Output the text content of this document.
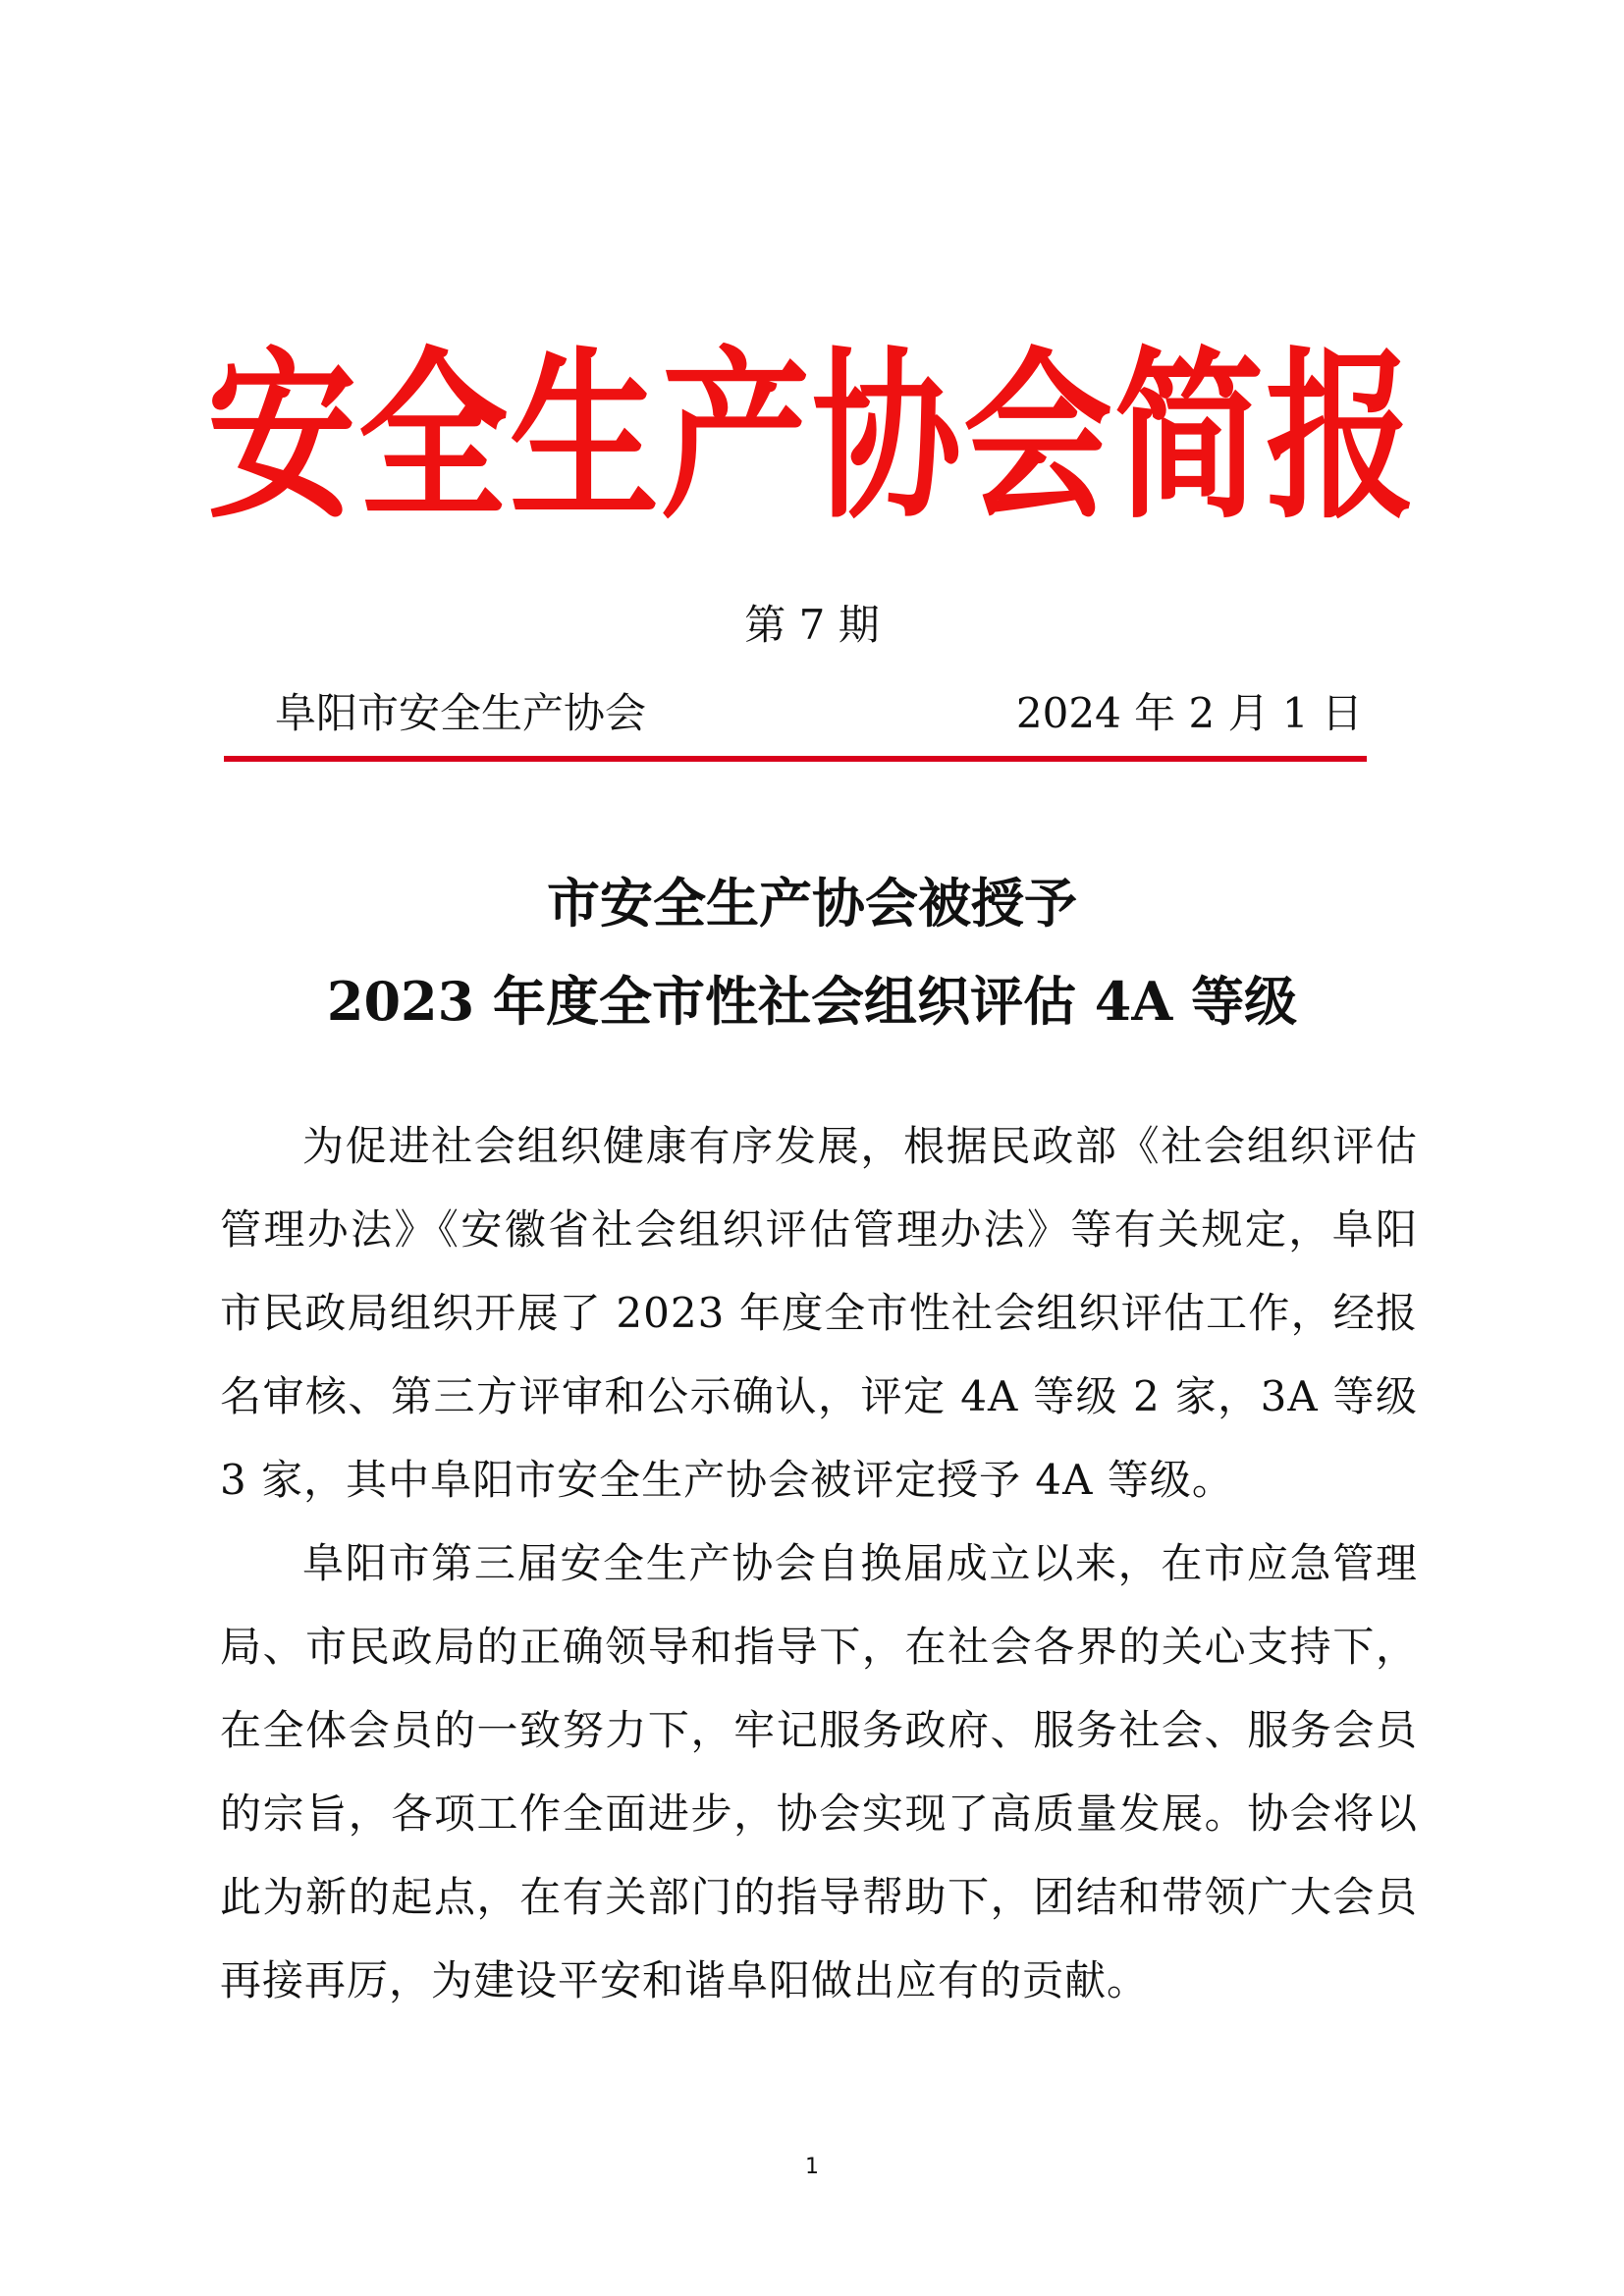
安全生产协会简报
第 7 期
阜阳市安全生产协会	2024 年 2 月 1 日
市安全生产协会被授予
2023 年度全市性社会组织评估 4A 等级

为促进社会组织健康有序发展，根据民政部《社会组织评估管理办法》《安徽省社会组织评估管理办法》等有关规定，阜阳市民政局组织开展了 2023 年度全市性社会组织评估工作，经报名审核、第三方评审和公示确认，评定 4A 等级 2 家，3A 等级 3 家，其中阜阳市安全生产协会被评定授予 4A 等级。

阜阳市第三届安全生产协会自换届成立以来，在市应急管理局、市民政局的正确领导和指导下，在社会各界的关心支持下，在全体会员的一致努力下，牢记服务政府、服务社会、服务会员的宗旨，各项工作全面进步，协会实现了高质量发展。协会将以此为新的起点，在有关部门的指导帮助下，团结和带领广大会员再接再厉，为建设平安和谐阜阳做出应有的贡献。

1
